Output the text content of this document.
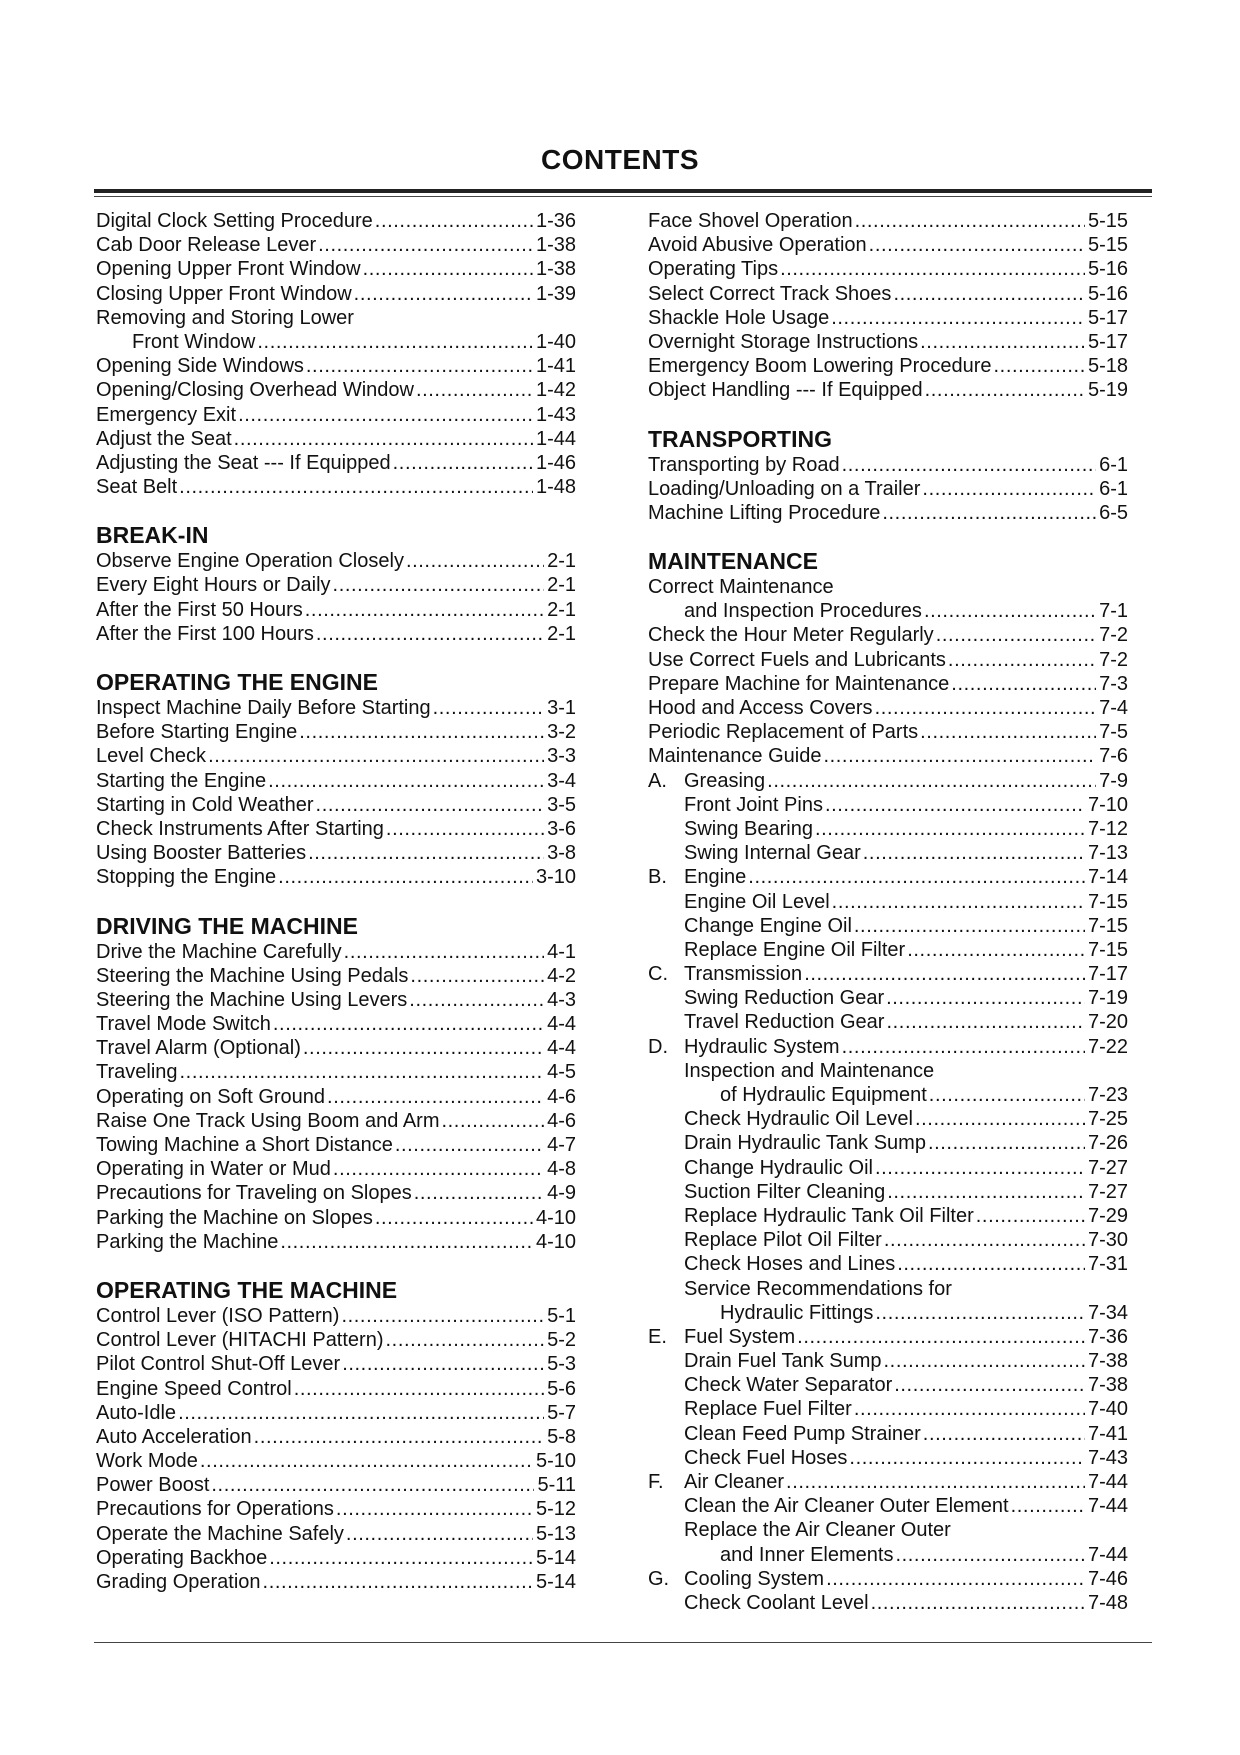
CONTENTS
Digital Clock Setting Procedure .....	1-36
Cab Door Release Lever .....	1-38
Opening Upper Front Window .....	1-38
Closing Upper Front Window .....	1-39
Removing and Storing Lower
Front Window .....	1-40
Opening Side Windows .....	1-41
Opening/Closing Overhead Window .....	1-42
Emergency Exit .....	1-43
Adjust the Seat .....	1-44
Adjusting the Seat --- If Equipped .....	1-46
Seat Belt .....	1-48
BREAK-IN
Observe Engine Operation Closely .....	2-1
Every Eight Hours or Daily .....	2-1
After the First 50 Hours .....	2-1
After the First 100 Hours .....	2-1
OPERATING THE ENGINE
Inspect Machine Daily Before Starting .....	3-1
Before Starting Engine .....	3-2
Level Check .....	3-3
Starting the Engine .....	3-4
Starting in Cold Weather .....	3-5
Check Instruments After Starting .....	3-6
Using Booster Batteries .....	3-8
Stopping the Engine .....	3-10
DRIVING THE MACHINE
Drive the Machine Carefully .....	4-1
Steering the Machine Using Pedals .....	4-2
Steering the Machine Using Levers .....	4-3
Travel Mode Switch .....	4-4
Travel Alarm (Optional) .....	4-4
Traveling .....	4-5
Operating on Soft Ground .....	4-6
Raise One Track Using Boom and Arm .....	4-6
Towing Machine a Short Distance .....	4-7
Operating in Water or Mud .....	4-8
Precautions for Traveling on Slopes .....	4-9
Parking the Machine on Slopes .....	4-10
Parking the Machine .....	4-10
OPERATING THE MACHINE
Control Lever (ISO Pattern) .....	5-1
Control Lever (HITACHI Pattern) .....	5-2
Pilot Control Shut-Off Lever .....	5-3
Engine Speed Control .....	5-6
Auto-Idle .....	5-7
Auto Acceleration .....	5-8
Work Mode .....	5-10
Power Boost .....	5-11
Precautions for Operations .....	5-12
Operate the Machine Safely .....	5-13
Operating Backhoe .....	5-14
Grading Operation .....	5-14
Face Shovel Operation .....	5-15
Avoid Abusive Operation .....	5-15
Operating Tips .....	5-16
Select Correct Track Shoes .....	5-16
Shackle Hole Usage .....	5-17
Overnight Storage Instructions .....	5-17
Emergency Boom Lowering Procedure .....	5-18
Object Handling --- If Equipped .....	5-19
TRANSPORTING
Transporting by Road .....	6-1
Loading/Unloading on a Trailer .....	6-1
Machine Lifting Procedure .....	6-5
MAINTENANCE
Correct Maintenance
and Inspection Procedures .....	7-1
Check the Hour Meter Regularly .....	7-2
Use Correct Fuels and Lubricants .....	7-2
Prepare Machine for Maintenance .....	7-3
Hood and Access Covers .....	7-4
Periodic Replacement of Parts .....	7-5
Maintenance Guide .....	7-6
A. Greasing .....	7-9
Front Joint Pins .....	7-10
Swing Bearing .....	7-12
Swing Internal Gear .....	7-13
B. Engine .....	7-14
Engine Oil Level .....	7-15
Change Engine Oil .....	7-15
Replace Engine Oil Filter .....	7-15
C. Transmission .....	7-17
Swing Reduction Gear .....	7-19
Travel Reduction Gear .....	7-20
D. Hydraulic System .....	7-22
Inspection and Maintenance
of Hydraulic Equipment .....	7-23
Check Hydraulic Oil Level .....	7-25
Drain Hydraulic Tank Sump .....	7-26
Change Hydraulic Oil .....	7-27
Suction Filter Cleaning .....	7-27
Replace Hydraulic Tank Oil Filter .....	7-29
Replace Pilot Oil Filter .....	7-30
Check Hoses and Lines .....	7-31
Service Recommendations for
Hydraulic Fittings .....	7-34
E. Fuel System .....	7-36
Drain Fuel Tank Sump .....	7-38
Check Water Separator .....	7-38
Replace Fuel Filter .....	7-40
Clean Feed Pump Strainer .....	7-41
Check Fuel Hoses .....	7-43
F. Air Cleaner .....	7-44
Clean the Air Cleaner Outer Element .....	7-44
Replace the Air Cleaner Outer
and Inner Elements .....	7-44
G. Cooling System .....	7-46
Check Coolant Level .....	7-48
